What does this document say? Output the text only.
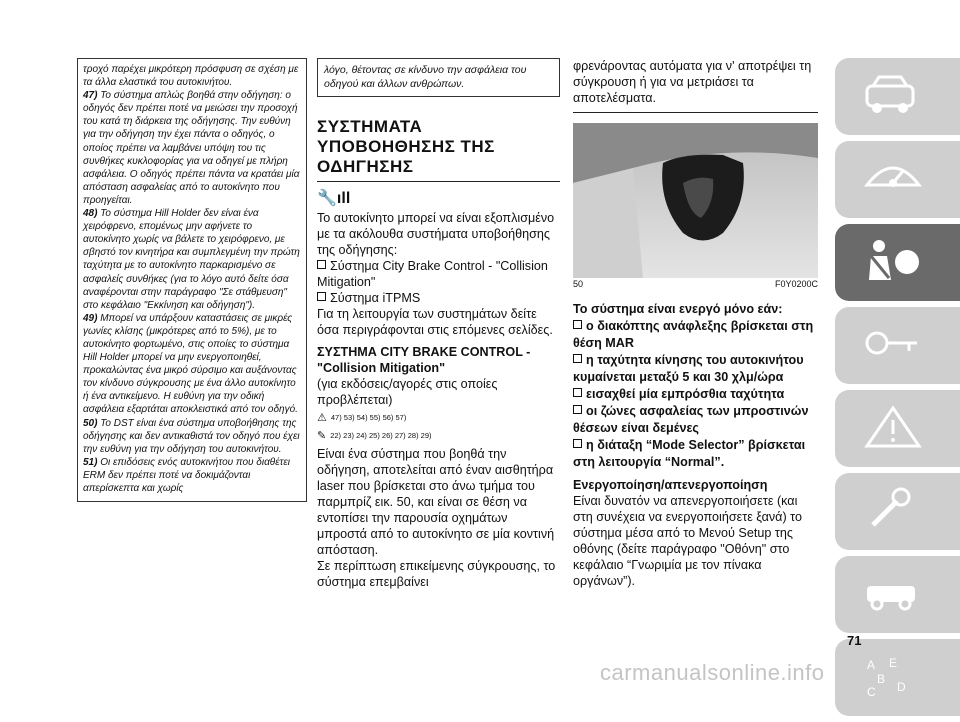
τροχό παρέχει μικρότερη πρόσφυση σε σχέση με τα άλλα ελαστικά του αυτοκινήτου.

47) Το σύστημα απλώς βοηθά στην οδήγηση: ο οδηγός δεν πρέπει ποτέ να μειώσει την προσοχή του κατά τη διάρκεια της οδήγησης. Την ευθύνη για την οδήγηση την έχει πάντα ο οδηγός, ο οποίος πρέπει να λαμβάνει υπόψη του τις συνθήκες κυκλοφορίας για να οδηγεί με πλήρη ασφάλεια. Ο οδηγός πρέπει πάντα να κρατάει μία απόσταση ασφαλείας από το αυτοκίνητο που προηγείται.

48) Το σύστημα Hill Holder δεν είναι ένα χειρόφρενο, επομένως μην αφήνετε το αυτοκίνητο χωρίς να βάλετε το χειρόφρενο, με σβηστό τον κινητήρα και συμπλεγμένη την πρώτη ταχύτητα με το αυτοκίνητο παρκαρισμένο σε ασφαλείς συνθήκες (για το λόγο αυτό δείτε όσα αναφέρονται στην παράγραφο "Σε στάθμευση" στο κεφάλαιο "Εκκίνηση και οδήγηση").

49) Μπορεί να υπάρξουν καταστάσεις σε μικρές γωνίες κλίσης (μικρότερες από το 5%), με το αυτοκίνητο φορτωμένο, στις οποίες το σύστημα Hill Holder μπορεί να μην ενεργοποιηθεί, προκαλώντας ένα μικρό σύρσιμο και αυξάνοντας τον κίνδυνο σύγκρουσης με ένα άλλο αυτοκίνητο ή ένα αντικείμενο. Η ευθύνη για την οδική ασφάλεια εξαρτάται αποκλειστικά από τον οδηγό.

50) Το DST είναι ένα σύστημα υποβοήθησης της οδήγησης και δεν αντικαθιστά τον οδηγό που έχει την ευθύνη για την οδήγηση του αυτοκινήτου.

51) Οι επιδόσεις ενός αυτοκινήτου που διαθέτει ERM δεν πρέπει ποτέ να δοκιμάζονται απερίσκεπτα και χωρίς

λόγο, θέτοντας σε κίνδυνο την ασφάλεια του οδηγού και άλλων ανθρώπων.
ΣΥΣΤΗΜΑΤΑ
ΥΠΟΒΟΗΘΗΣΗΣ ΤΗΣ
ΟΔΗΓΗΣΗΣ
🔧ıll

Το αυτοκίνητο μπορεί να είναι εξοπλισμένο με τα ακόλουθα συστήματα υποβοήθησης της οδήγησης:

Σύστημα City Brake Control - "Collision Mitigation"

Σύστημα iTPMS

Για τη λειτουργία των συστημάτων δείτε όσα περιγράφονται στις επόμενες σελίδες.

ΣΥΣΤΗΜΑ CITY BRAKE CONTROL - "Collision Mitigation"

(για εκδόσεις/αγορές στις οποίες προβλέπεται)

⚠ 47) 53) 54) 55) 56) 57)
✎ 22) 23) 24) 25) 26) 27) 28) 29)

Είναι ένα σύστημα που βοηθά την οδήγηση, αποτελείται από έναν αισθητήρα laser που βρίσκεται στο άνω τμήμα του παρμπρίζ εικ. 50, και είναι σε θέση να εντοπίσει την παρουσία οχημάτων μπροστά από το αυτοκίνητο σε μία κοντινή απόσταση.

Σε περίπτωση επικείμενης σύγκρουσης, το σύστημα επεμβαίνει

φρενάροντας αυτόματα για ν' αποτρέψει τη σύγκρουση ή για να μετριάσει τα αποτελέσματα.

50	F0Y0200C
Το σύστημα είναι ενεργό μόνο εάν:
ο διακόπτης ανάφλεξης βρίσκεται στη θέση MAR
η ταχύτητα κίνησης του αυτοκινήτου κυμαίνεται μεταξύ 5 και 30 χλμ/ώρα
εισαχθεί μία εμπρόσθια ταχύτητα
οι ζώνες ασφαλείας των μπροστινών θέσεων είναι δεμένες
η διάταξη “Mode Selector” βρίσκεται στη λειτουργία “Normal”.
Ενεργοποίηση/απενεργοποίηση

Είναι δυνατόν να απενεργοποιήσετε (και στη συνέχεια να ενεργοποιήσετε ξανά) το σύστημα μέσα από το Μενού Setup της οθόνης (δείτε παράγραφο "Οθόνη" στο κεφάλαιο “Γνωριμία με τον πίνακα οργάνων”).

A E
B
C D
71
carmanualsonline.info
